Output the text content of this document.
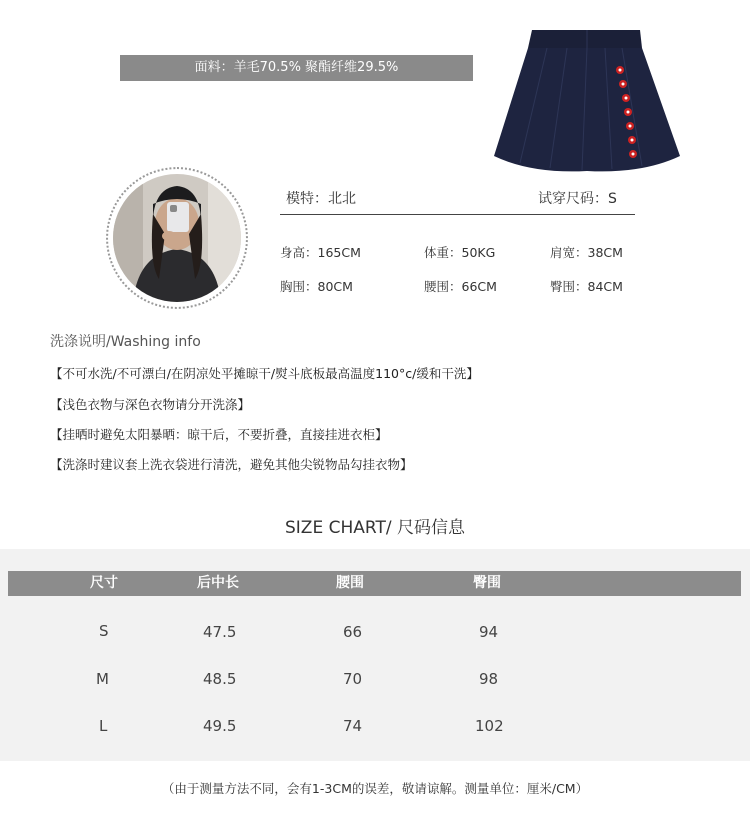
面料：羊毛70.5% 聚酯纤维29.5%
模特：北北	试穿尺码：S
身高：165CM	体重：50KG	肩宽：38CM
胸围：80CM	腰围：66CM	臀围：84CM
洗涤说明/Washing info
【不可水洗/不可漂白/在阴凉处平摊晾干/熨斗底板最高温度110°c/缓和干洗】
【浅色衣物与深色衣物请分开洗涤】
【挂晒时避免太阳暴晒：晾干后，不要折叠，直接挂进衣柜】
【洗涤时建议套上洗衣袋进行清洗，避免其他尖锐物品勾挂衣物】
SIZE CHART/ 尺码信息
尺寸	后中长	腰围	臀围
S	47.5	66	94
M	48.5	70	98
L	49.5	74	102
（由于测量方法不同，会有1-3CM的误差，敬请谅解。测量单位：厘米/CM）
